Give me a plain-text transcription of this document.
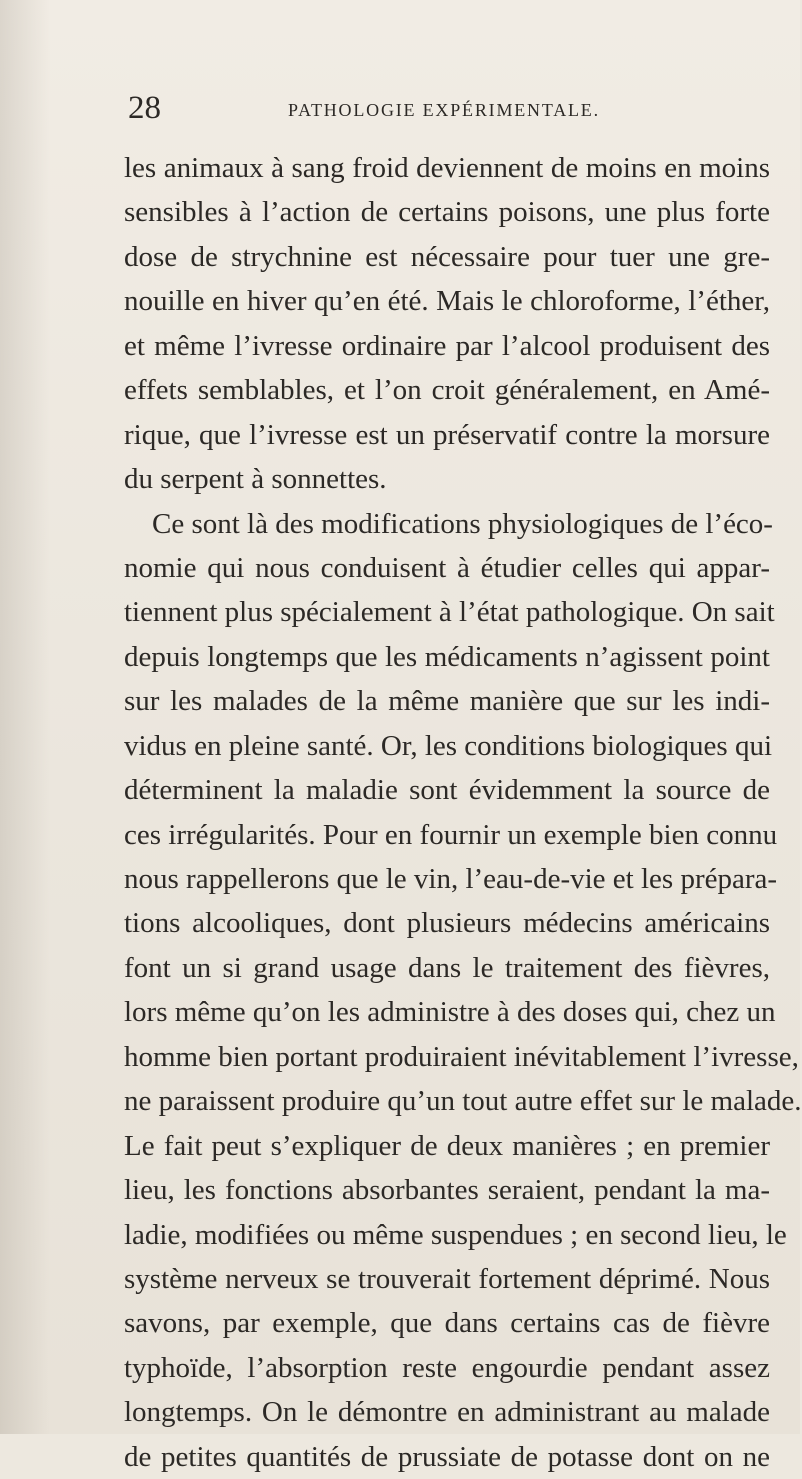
28	PATHOLOGIE EXPÉRIMENTALE.
les animaux à sang froid deviennent de moins en moins
sensibles à l’action de certains poisons, une plus forte
dose de strychnine est nécessaire pour tuer une gre-
nouille en hiver qu’en été. Mais le chloroforme, l’éther,
et même l’ivresse ordinaire par l’alcool produisent des
effets semblables, et l’on croit généralement, en Amé-
rique, que l’ivresse est un préservatif contre la morsure
du serpent à sonnettes.
Ce sont là des modifications physiologiques de l’éco-
nomie qui nous conduisent à étudier celles qui appar-
tiennent plus spécialement à l’état pathologique. On sait
depuis longtemps que les médicaments n’agissent point
sur les malades de la même manière que sur les indi-
vidus en pleine santé. Or, les conditions biologiques qui
déterminent la maladie sont évidemment la source de
ces irrégularités. Pour en fournir un exemple bien connu
nous rappellerons que le vin, l’eau-de-vie et les prépara-
tions alcooliques, dont plusieurs médecins américains
font un si grand usage dans le traitement des fièvres,
lors même qu’on les administre à des doses qui, chez un
homme bien portant produiraient inévitablement l’ivresse,
ne paraissent produire qu’un tout autre effet sur le malade.
Le fait peut s’expliquer de deux manières ; en premier
lieu, les fonctions absorbantes seraient, pendant la ma-
ladie, modifiées ou même suspendues ; en second lieu, le
système nerveux se trouverait fortement déprimé. Nous
savons, par exemple, que dans certains cas de fièvre
typhoïde, l’absorption reste engourdie pendant assez
longtemps. On le démontre en administrant au malade
de petites quantités de prussiate de potasse dont on ne
